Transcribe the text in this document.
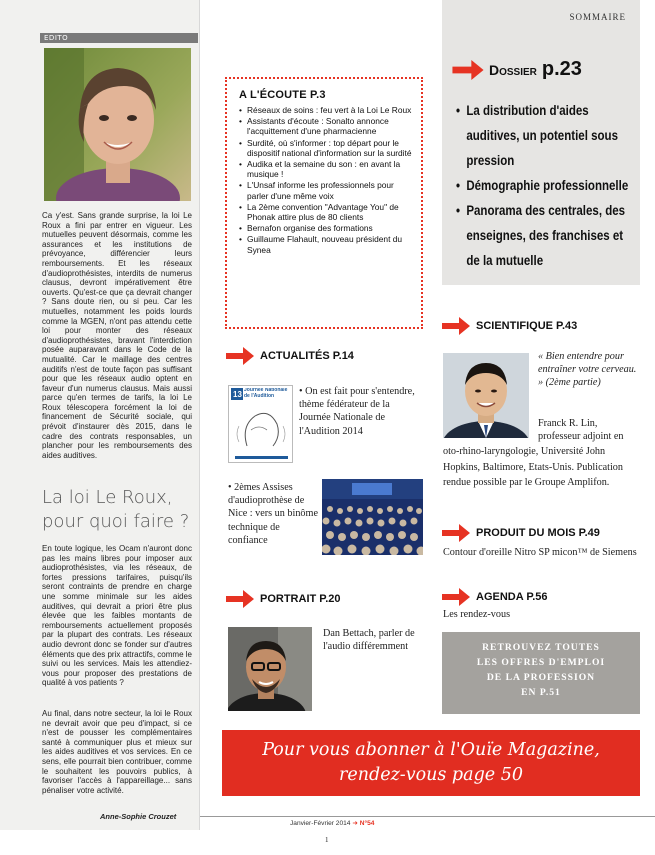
EDITO
Ca y'est. Sans grande surprise, la loi Le Roux a fini par entrer en vigueur. Les mutuelles peuvent désormais, comme les assurances et les institutions de prévoyance, différencier leurs remboursements. Et les réseaux d'audioprothésistes, interdits de numerus clausus, devront impérativement être ouverts. Qu'est-ce que ça devrait changer ? Sans doute rien, ou si peu. Car les mutuelles, notamment les poids lourds comme la MGEN, n'ont pas attendu cette loi pour monter des réseaux d'audioprothésistes, bravant l'interdiction posée auparavant dans le Code de la mutualité. Car le maillage des centres auditifs n'est de toute façon pas suffisant pour que les réseaux audio optent en faveur d'un numerus clausus. Mais aussi parce qu'en termes de tarifs, la loi Le Roux télescopera forcément la loi de financement de Sécurité sociale, qui prévoit d'instaurer dès 2015, dans le cadre des contrats responsables, un plancher pour les remboursements des aides auditives.
La loi Le Roux, pour quoi faire ?
En toute logique, les Ocam n'auront donc pas les mains libres pour imposer aux audioprothésistes, via les réseaux, de fortes pressions tarifaires, puisqu'ils seront contraints de prendre en charge une somme minimale sur les aides auditives, qui devrait a priori être plus élevée que les faibles montants de remboursements actuellement proposés par la plupart des contrats. Les réseaux audio devront donc se fonder sur d'autres éléments que des prix attractifs, comme le suivi ou les services. Mais les attendiez-vous pour proposer des prestations de qualité à vos patients ?
Au final, dans notre secteur, la loi le Roux ne devrait avoir que peu d'impact, si ce n'est de pousser les complémentaires santé à communiquer plus et mieux sur les aides auditives et vos services. En ce sens, elle pourrait bien contribuer, comme le souhaitent les pouvoirs publics, à favoriser l'accès à l'appareillage... sans pénaliser votre activité.
Anne-Sophie Crouzet
A L'ÉCOUTE P.3
• Réseaux de soins : feu vert à la Loi Le Roux
• Assistants d'écoute : Sonalto annonce l'acquittement d'une pharmacienne
• Surdité, où s'informer : top départ pour le dispositif national d'information sur la surdité
• Audika et la semaine du son : en avant la musique !
• L'Unsaf informe les professionnels pour parler d'une même voix
• La 2ème convention "Advantage You" de Phonak attire plus de 80 clients
• Bernafon organise des formations
• Guillaume Flahault, nouveau président du Synea
ACTUALITÉS P.14
13 Journée Nationale de l'Audition	• On est fait pour s'entendre, thème fédérateur de la Journée Nationale de l'Audition 2014
• 2èmes Assises d'audioprothèse de Nice : vers un binôme technique de confiance
PORTRAIT P.20
Dan Bettach, parler de l'audio différemment
SOMMAIRE
Dossier p.23
• La distribution d'aides auditives, un potentiel sous pression
• Démographie professionnelle
• Panorama des centrales, des enseignes, des franchises et de la mutuelle
SCIENTIFIQUE P.43
« Bien entendre pour entraîner votre cerveau. » (2ème partie)
Franck R. Lin,
professeur adjoint en oto-rhino-laryngologie, Université John Hopkins, Baltimore, Etats-Unis. Publication rendue possible par le Groupe Amplifon.
PRODUIT DU MOIS P.49
Contour d'oreille Nitro SP micon™ de Siemens
AGENDA P.56
Les rendez-vous
RETROUVEZ TOUTES
LES OFFRES D'EMPLOI
DE LA PROFESSION
EN P.51
Pour vous abonner à l'Ouïe Magazine,
rendez-vous page 50
Janvier-Février 2014 ➜ N°54
1
